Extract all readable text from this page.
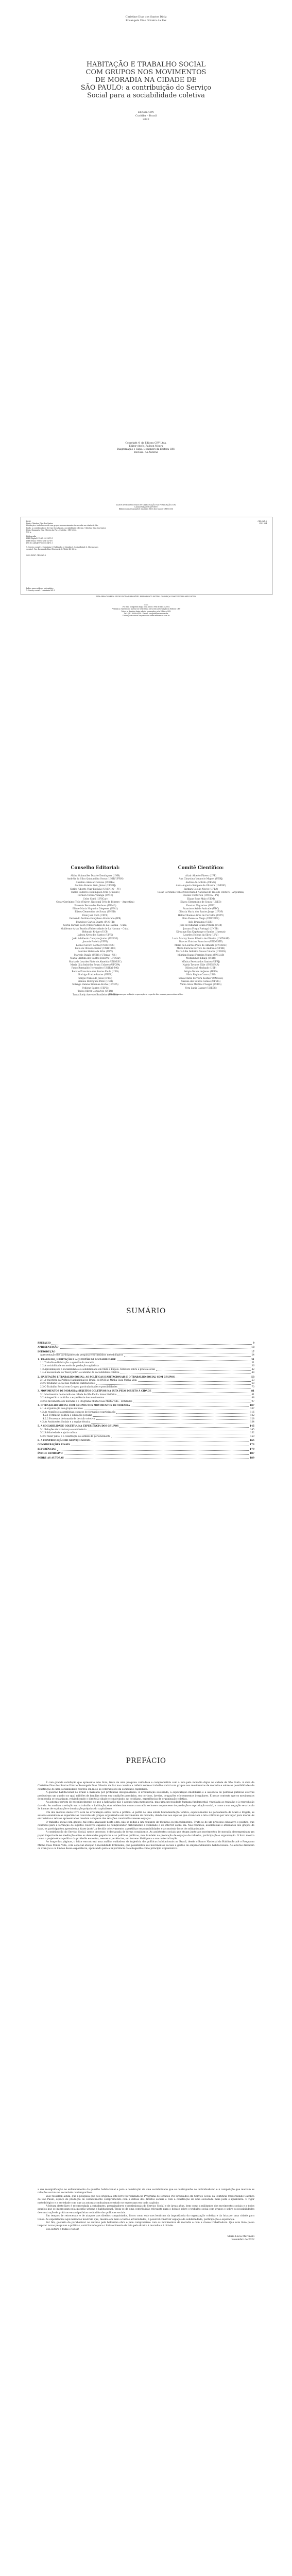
Christine Dias dos Santos Diniz
Rosangela Dias Oliveira da Paz
HABITAÇÃO E TRABALHO SOCIAL
COM GRUPOS NOS MOVIMENTOS
DE MORADIA NA CIDADE DE
SÃO PAULO: a contribuição do Serviço
Social para a sociabilidade coletiva
Editora CRV
Curitiba – Brasil
2022
Copyright © da Editora CRV Ltda.
Editor-chefe: Railson Moura
Diagramação e Capa: Designers da Editora CRV
Revisão: As Autoras
DADOS INTERNACIONAIS DE CATALOGAÇÃO NA PUBLICAÇÃO (CIP)
CATALOGAÇÃO NA FONTE
Bibliotecária responsável: Luzenira Alves dos Santos CRB9/1506
D585
Diniz, Christine Dias dos Santos
Habitação e trabalho social com grupos nos movimentos de moradia na cidade de São
Paulo: a contribuição do Serviço Social para a sociabilidade coletiva / Christine Dias dos Santos
Diniz, Rosangela Dias Oliveira da Paz – Curitiba : CRV, 2022.
190 p.
Bibliografia
ISBN Digital 978-65-251-3475-1
ISBN Físico 978-65-251-3476-8
DOI 10.24824/978652513475.1
1. Serviço social 2. Cidadania 3. Habitação 4. Moradia 5. Sociabilidade 6. Movimentos
sociais I. Paz, Rosangela Dias Oliveira da II. Título III. Série.
2022-13187 CDD 361.3
CDD 361.3
CDU 364
Índice para catálogo sistemático
1. Serviço social – cidadania 361.3
ESTA OBRA TAMBÉM SE ENCONTRA DISPONÍVEL EM FORMATO DIGITAL. CONHEÇA E BAIXE NOSSO APLICATIVO!
2022
Foi feito o depósito legal conf. Lei 10.994 de 14/12/2004
Proibida a reprodução parcial ou total desta obra sem autorização da Editora CRV
Todos os direitos desta edição reservados pela Editora CRV
Tel.: (41) 3039-6418 - E-mail: sac@editoracrv.com.br
Conheça os nossos lançamentos: www.editoracrv.com.br
Conselho Editorial:
Aldira Guimarães Duarte Domínguez (UNB)
Andréia da Silva Quintanilha Sousa (UNIR/UFRN)
Anselmo Alencar Colares (UFOPA)
Antônio Pereira Gaio Júnior (UFRRJ)
Carlos Alberto Vilar Estêvão (UMINHO – PT)
Carlos Federico Dominguez Avila (Unieuro)
Carmen Tereza Velanga (UNIR)
Celso Conti (UFSCar)
Cesar Gerónimo Tello (Univer .Nacional Três de Febrero – Argentina)
Eduardo Fernandes Barbosa (UFMG)
Elione Maria Nogueira Diogenes (UFAL)
Elizeu Clementino de Souza (UNEB)
Élsio José Corá (UFFS)
Fernando Antônio Gonçalves Alcoforado (IPB)
Francisco Carlos Duarte (PUC-PR)
Gloria Fariñas León (Universidade de La Havana – Cuba)
Guillermo Arias Beatón (Universidade de La Havana – Cuba)
Helmuth Krüger (UCP)
Jailson Alves dos Santos (UFRJ)
João Adalberto Campato Junior (UNESP)
Josania Portela (UFPI)
Leonel Severo Rocha (UNISINOS)
Lídia de Oliveira Xavier (UNIEURO)
Lourdes Helena da Silva (UFV)
Marcelo Paixão (UFRJ e UTexas – US)
Maria Cristina dos Santos Bezerra (UFSCar)
Maria de Lourdes Pinto de Almeida (UNOESC)
Maria Lília Imbiriba Sousa Colares (UFOPA)
Paulo Romualdo Hernandes (UNIFAL-MG)
Renato Francisco dos Santos Paula (UFG)
Rodrigo Pratte-Santos (UFES)
Sérgio Nunes de Jesus (IFRO)
Simone Rodrigues Pinto (UNB)
Solange Helena Ximenes-Rocha (UFOPA)
Sydione Santos (UEPG)
Tadeu Oliver Gonçalves (UFPA)
Tania Suely Azevedo Brasileiro (UFOPA)
Comitê Científico:
Altair Alberto Fávero (UPF)
Ana Chrystina Venancio Mignot (UERJ)
Andréia N. Militão (UEMS)
Anna Augusta Sampaio de Oliveira (UNESP)
Barbara Coelho Neves (UFBA)
Cesar Gerónimo Tello (Universidad Nacional de Três de Febrero – Argentina)
Diosnel Centurion (UNIDA – PY)
Eliane Rose Maio (UEM)
Elizeu Clementino de Souza (UNEB)
Fauston Negreiros (UFPI)
Francisco Ari de Andrade (UFC)
Gláucia Maria dos Santos Jorge (UFOP)
Helder Buenos Aires de Carvalho (UFPI)
Ilma Passos A. Veiga (UNICEUB)
Inês Bragança (UERJ)
José de Ribamar Sousa Pereira (UCB)
Jussara Fraga Portugal (UNEB)
Kilwangy Kya Kapitango-a-Samba (Unemat)
Lourdes Helena da Silva (UFV)
Lucia Marisy Souza Ribeiro de Oliveira (UNIVASF)
Marcos Vinicius Francisco (UNOESTE)
Maria de Lourdes Pinto de Almeida (UNOESC)
Maria Eurácia Barreto de Andrade (UFRB)
Maria Lília Imbiriba Sousa Colares (UFOPA)
Míghian Danae Ferreira Nunes (UNILAB)
Mohammed Elhajji (UFRJ)
Mônica Pereira dos Santos (UFRJ)
Najela Tavares Ujiie (UNESPAR)
Nilson José Machado (USP)
Sérgio Nunes de Jesus (IFRO)
Silvia Regina Canan (URI)
Sonia Maria Ferreira Koehler (UNISAL)
Suzana dos Santos Gomes (UFMG)
Vânia Alves Martins Chaigar (FURG)
Vera Lucia Gaspar (UDESC)
Este livro passou por avaliação e aprovação às cegas de dois ou mais pareceristas ad hoc.
SUMÁRIO
PREFÁCIO	9
APRESENTAÇÃO	13
INTRODUÇÃO	17
Apresentação dos participantes da pesquisa e os caminhos metodológicos	24
1. TRABALHO, HABITAÇÃO E A QUESTÃO DA SOCIABILIDADE	31
1.1 Trabalho e Habitação: a questão da moradia	31
1.2 A sociabilidade no modo de produção capitalista	36
1.3 Aproximações à sociabilidade e à solidariedade em Marx e Engels: reflexões sobre a prática social	42
1.4 A necessidade de 'fazer junto': o caminho da sociabilidade coletiva	48
2. HABITAÇÃO E TRABALHO SOCIAL: AS POLÍTICAS HABITACIONAIS E O TRABALHO SOCIAL COM GRUPOS	53
2.1 A trajetória da Política Habitacional no Brasil: do BNH ao Minha Casa Minha Vida	53
2.2 O Trabalho Social nas Políticas Habitacionais	60
2.3 O Trabalho Social com Grupos: particularidades e possibilidades	70
3. MOVIMENTOS DE MORADIA: SUJEITOS COLETIVOS NA LUTA PELO DIREITO À CIDADE	81
3.1 Movimentos de moradia na cidade de São Paulo: breve histórico	81
3.2 Autogestão e mutirão: a experiência dos movimentos	88
3.3 Os movimentos de moradia e o Programa Minha Casa Minha Vida – Entidades	97
4. O TRABALHO SOCIAL COM GRUPOS NOS MOVIMENTOS DE MORADIA	107
4.1 A organização dos grupos de base	107
4.2 As reuniões e assembleias: espaços de formação e participação	116
4.2.1 Formação política e educação popular	122
4.2.2 Processos de tomada de decisão coletiva	128
4.3 As Assistentes Sociais e a equipe técnica	134
5. A SOCIABILIDADE COLETIVA NA EXPERIÊNCIA DOS GRUPOS	145
5.1 Relações de vizinhança e convivência	145
5.2 Solidariedade e ajuda mútua	152
5.3 O 'fazer junto' e a construção do sentido de pertencimento	159
6. A CONTRIBUIÇÃO DO SERVIÇO SOCIAL	165
CONSIDERAÇÕES FINAIS	173
REFERÊNCIAS	179
ÍNDICE REMISSIVO	187
SOBRE AS AUTORAS	189
PREFÁCIO

É com grande satisfação que apresento este livro, fruto de uma pesquisa cuidadosa e comprometida com a luta pela moradia digna na cidade de São Paulo. A obra de Christine Dias dos Santos Diniz e Rosangela Dias Oliveira da Paz nos convida a refletir sobre o trabalho social com grupos nos movimentos de moradia e sobre as possibilidades de construção de uma sociabilidade coletiva em meio às contradições da sociedade capitalista.

A questão habitacional no Brasil é marcada por profundas desigualdades. A urbanização acelerada, a especulação imobiliária e a ausência de políticas públicas efetivas produziram um quadro no qual milhões de famílias vivem em condições precárias, em cortiços, favelas, ocupações e loteamentos irregulares. É nesse contexto que os movimentos de moradia se organizam, reivindicando o direito à cidade e construindo, no cotidiano, experiências de organização coletiva.

As autoras partem do reconhecimento de que a habitação não é apenas uma mercadoria, mas uma necessidade humana fundamental, vinculada ao trabalho e à reprodução da vida. Ao analisar a relação entre trabalho e habitação, elas evidenciam como a moradia se insere no processo de produção e reprodução social, e como a sua negação se articula às formas de exploração e dominação próprias do capitalismo.

Um dos méritos deste livro está na articulação entre teoria e prática. A partir de uma sólida fundamentação teórica, especialmente no pensamento de Marx e Engels, as autoras examinam as experiências concretas de grupos organizados em movimentos de moradia, dando voz aos sujeitos que vivenciam a luta cotidiana por um lugar para morar. As entrevistas e relatos apresentados revelam a riqueza das relações construídas nesses espaços.

O trabalho social com grupos, tal como analisado nesta obra, não se reduz a um conjunto de técnicas ou procedimentos. Trata-se de um processo educativo e político, que contribui para a formação de sujeitos coletivos capazes de compreender criticamente a realidade e de intervir sobre ela. Nas reuniões, assembleias e atividades dos grupos de base, os participantes aprendem a 'fazer junto', a decidir coletivamente, a partilhar responsabilidades e a construir laços de solidariedade.

A contribuição do Serviço Social, nesse processo, é destacada de forma consistente. As assistentes sociais que atuam junto aos movimentos de moradia desempenham um papel importante na mediação entre as demandas populares e as políticas públicas, mas também na promoção de espaços de reflexão, participação e organização. O livro mostra como o projeto ético-político da profissão encontra, nessas experiências, um terreno fértil para a sua materialização.

Ao longo das páginas, o leitor encontrará uma análise cuidadosa da trajetória das políticas habitacionais no Brasil, desde o Banco Nacional da Habitação até o Programa Minha Casa Minha Vida, com especial atenção à modalidade Entidades, que possibilitou aos movimentos sociais a gestão de empreendimentos habitacionais. As autoras discutem os avanços e os limites dessa experiência, apontando para a importância da autogestão como princípio organizativo.

a sua ressignificação no enfrentamento da questão habitacional e para a construção de uma sociabilidade que se contraponha ao individualismo e à competição que marcam as relações sociais na sociedade contemporânea.

Vale ressaltar, ainda, que a pesquisa que deu origem a este livro foi realizada no Programa de Estudos Pós-Graduados em Serviço Social da Pontifícia Universidade Católica de São Paulo, espaço de produção de conhecimento comprometido com a defesa dos direitos sociais e com a construção de uma sociedade mais justa e igualitária. O rigor metodológico e a seriedade com que as autoras conduziram o estudo se expressam em cada capítulo.

A leitura deste livro é recomendada a estudantes, pesquisadores e profissionais do Serviço Social e de áreas afins, bem como a militantes dos movimentos sociais e a todos aqueles que se interessam pela questão urbana e habitacional. Trata-se de uma contribuição relevante para o debate sobre o trabalho social com grupos e sobre as possibilidades de construção de práticas emancipatórias no âmbito das políticas sociais.

Em tempos de retrocessos e de ataques aos direitos conquistados, livros como este nos lembram da importância da organização coletiva e da luta por uma cidade para todos. As experiências aqui narradas mostram que, mesmo em meio a tantas adversidades, é possível construir espaços de solidariedade, participação e esperança.

Por fim, gostaria de parabenizar as autoras pela belíssima obra e pelo compromisso com os movimentos de moradia e com a classe trabalhadora. Que este livro possa inspirar novas pesquisas e práticas, contribuindo para o fortalecimento da luta pelo direito à moradia e à cidade.

Boa leitura a todas e todos!

Maria Lúcia Martinelli
Novembro de 2022
